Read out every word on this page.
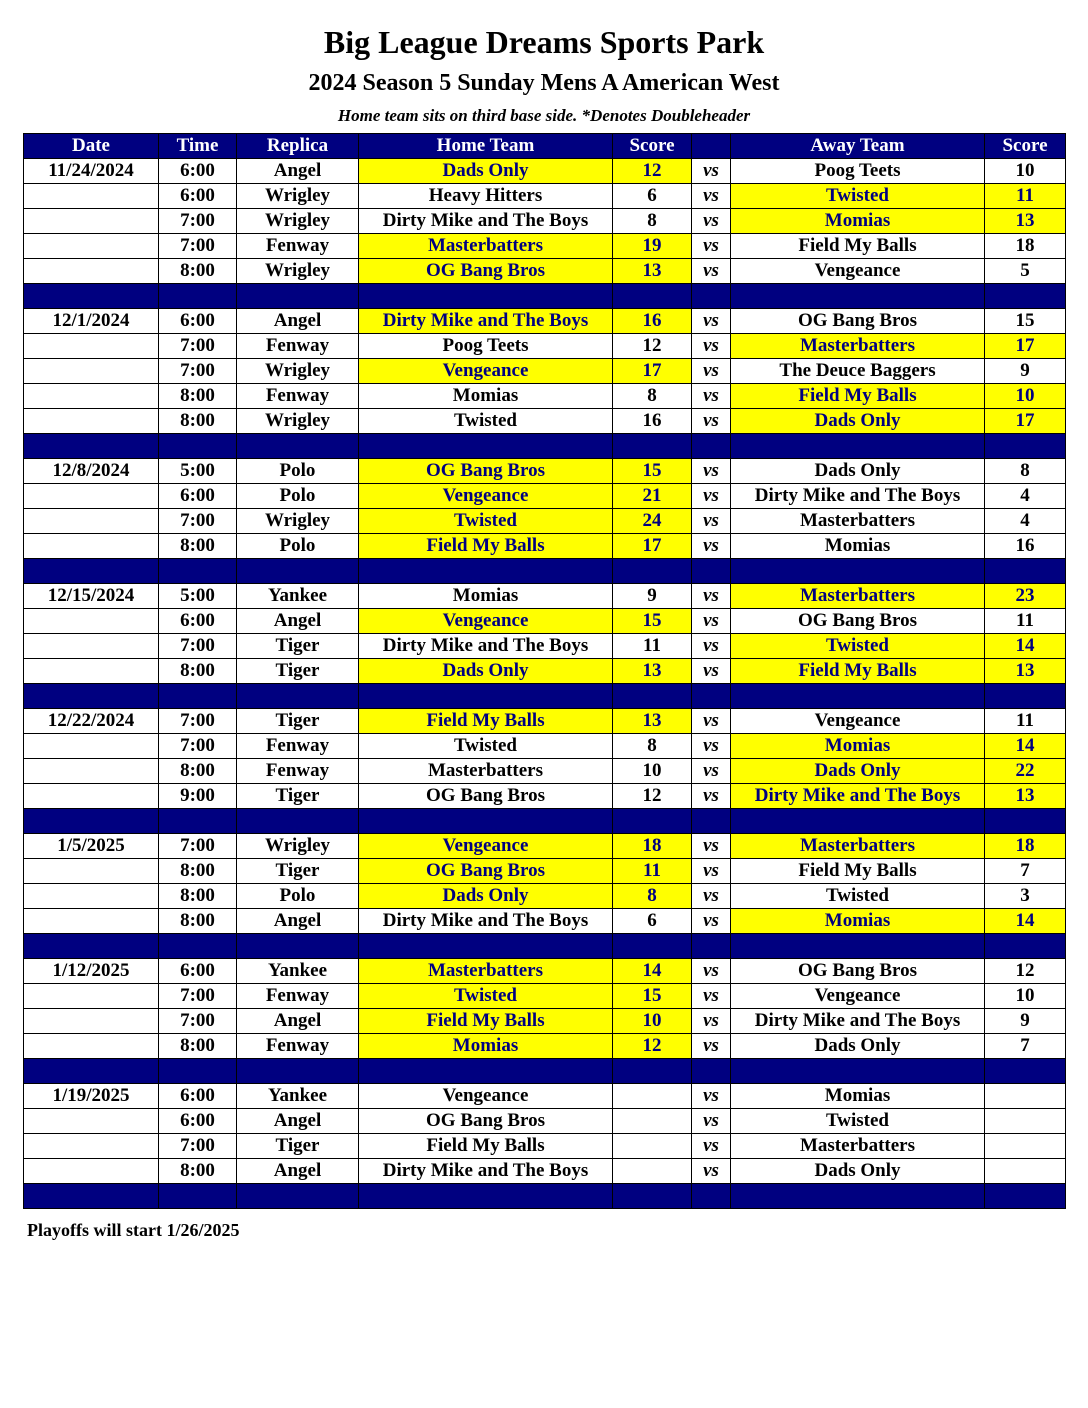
Big League Dreams Sports Park
2024 Season 5 Sunday Mens A American West
Home team sits on third base side. *Denotes Doubleheader
Date	Time	Replica	Home Team	Score		Away Team	Score
11/24/2024	6:00	Angel	Dads Only	12	vs	Poog Teets	10
	6:00	Wrigley	Heavy Hitters	6	vs	Twisted	11
	7:00	Wrigley	Dirty Mike and The Boys	8	vs	Momias	13
	7:00	Fenway	Masterbatters	19	vs	Field My Balls	18
	8:00	Wrigley	OG Bang Bros	13	vs	Vengeance	5

12/1/2024	6:00	Angel	Dirty Mike and The Boys	16	vs	OG Bang Bros	15
	7:00	Fenway	Poog Teets	12	vs	Masterbatters	17
	7:00	Wrigley	Vengeance	17	vs	The Deuce Baggers	9
	8:00	Fenway	Momias	8	vs	Field My Balls	10
	8:00	Wrigley	Twisted	16	vs	Dads Only	17

12/8/2024	5:00	Polo	OG Bang Bros	15	vs	Dads Only	8
	6:00	Polo	Vengeance	21	vs	Dirty Mike and The Boys	4
	7:00	Wrigley	Twisted	24	vs	Masterbatters	4
	8:00	Polo	Field My Balls	17	vs	Momias	16

12/15/2024	5:00	Yankee	Momias	9	vs	Masterbatters	23
	6:00	Angel	Vengeance	15	vs	OG Bang Bros	11
	7:00	Tiger	Dirty Mike and The Boys	11	vs	Twisted	14
	8:00	Tiger	Dads Only	13	vs	Field My Balls	13

12/22/2024	7:00	Tiger	Field My Balls	13	vs	Vengeance	11
	7:00	Fenway	Twisted	8	vs	Momias	14
	8:00	Fenway	Masterbatters	10	vs	Dads Only	22
	9:00	Tiger	OG Bang Bros	12	vs	Dirty Mike and The Boys	13

1/5/2025	7:00	Wrigley	Vengeance	18	vs	Masterbatters	18
	8:00	Tiger	OG Bang Bros	11	vs	Field My Balls	7
	8:00	Polo	Dads Only	8	vs	Twisted	3
	8:00	Angel	Dirty Mike and The Boys	6	vs	Momias	14

1/12/2025	6:00	Yankee	Masterbatters	14	vs	OG Bang Bros	12
	7:00	Fenway	Twisted	15	vs	Vengeance	10
	7:00	Angel	Field My Balls	10	vs	Dirty Mike and The Boys	9
	8:00	Fenway	Momias	12	vs	Dads Only	7

1/19/2025	6:00	Yankee	Vengeance		vs	Momias	
	6:00	Angel	OG Bang Bros		vs	Twisted	
	7:00	Tiger	Field My Balls		vs	Masterbatters	
	8:00	Angel	Dirty Mike and The Boys		vs	Dads Only	

Playoffs will start 1/26/2025
